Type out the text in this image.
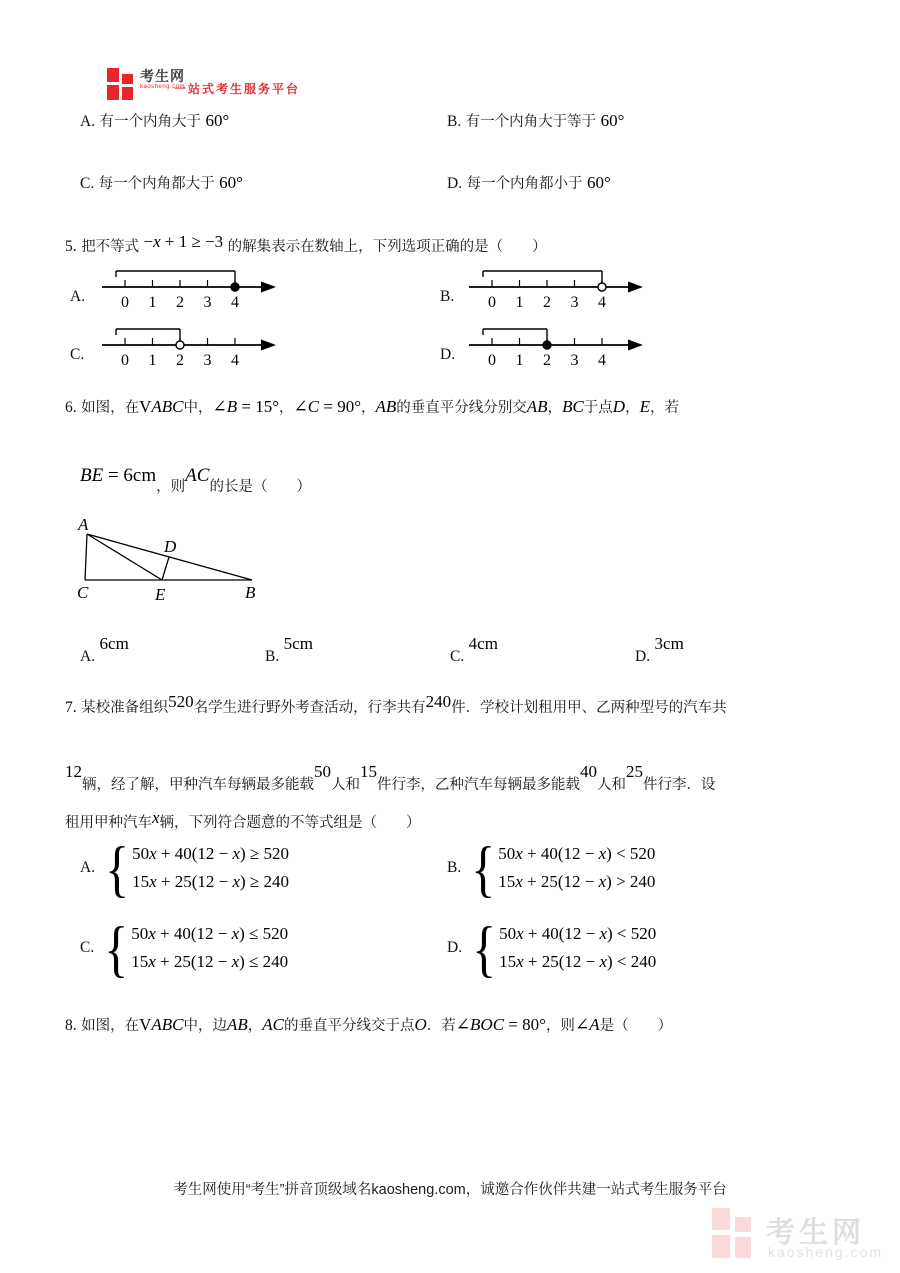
考生网
kaosheng.com
一站式考生服务平台
A. 有一个内角大于 60°	B. 有一个内角大于等于 60°
C. 每一个内角都大于 60°	D. 每一个内角都小于 60°
5. 把不等式 −x + 1 ≥ −3 的解集表示在数轴上，下列选项正确的是（　　）
A. 0 1 2 3 4	B. 0 1 2 3 4
C. 0 1 2 3 4	D. 0 1 2 3 4
6. 如图，在VABC中，∠B = 15°，∠C = 90°，AB的垂直平分线分别交AB，BC于点D，E，若
BE = 6cm，则AC的长是（　　）
A
D
C	E	B
A. 6cm
B. 5cm
C. 4cm
D. 3cm
7. 某校准备组织520名学生进行野外考查活动，行李共有240件．学校计划租用甲、乙两种型号的汽车共
12辆，经了解，甲种汽车每辆最多能载50人和15件行李，乙种汽车每辆最多能载40人和25件行李．设
租用甲种汽车x辆，下列符合题意的不等式组是（　　）
A. { 50x + 40(12 − x) ≥ 520
15x + 25(12 − x) ≥ 240
B. { 50x + 40(12 − x) < 520
15x + 25(12 − x) > 240
C. { 50x + 40(12 − x) ≤ 520
15x + 25(12 − x) ≤ 240
D. { 50x + 40(12 − x) < 520
15x + 25(12 − x) < 240
8. 如图，在VABC中，边AB，AC的垂直平分线交于点O．若∠BOC = 80°，则∠A是（　　）
考生网使用“考生”拼音顶级域名kaosheng.com，诚邀合作伙伴共建一站式考生服务平台
考生网
kaosheng.com
